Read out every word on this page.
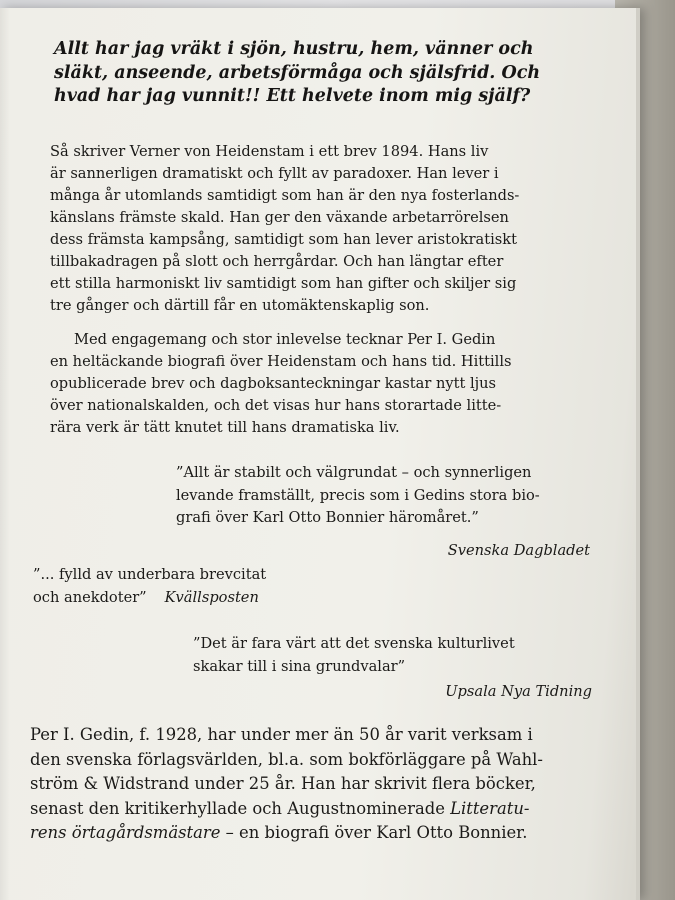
Allt har jag vräkt i sjön, hustru, hem, vänner och
släkt, anseende, arbetsförmåga och själsfrid. Och
hvad har jag vunnit!! Ett helvete inom mig själf?
Så skriver Verner von Heidenstam i ett brev 1894. Hans liv
är sannerligen dramatiskt och fyllt av paradoxer. Han lever i
många år utomlands samtidigt som han är den nya fosterlands-
känslans främste skald. Han ger den växande arbetarrörelsen
dess främsta kampsång, samtidigt som han lever aristokratiskt
tillbakadragen på slott och herrgårdar. Och han längtar efter
ett stilla harmoniskt liv samtidigt som han gifter och skiljer sig
tre gånger och därtill får en utomäktenskaplig son.
Med engagemang och stor inlevelse tecknar Per I. Gedin
en heltäckande biografi över Heidenstam och hans tid. Hittills
opublicerade brev och dagboksanteckningar kastar nytt ljus
över nationalskalden, och det visas hur hans storartade litte-
rära verk är tätt knutet till hans dramatiska liv.
”Allt är stabilt och välgrundat – och synnerligen
levande framställt, precis som i Gedins stora bio-
grafi över Karl Otto Bonnier häromåret.”
Svenska Dagbladet
”... fylld av underbara brevcitat
och anekdoter” Kvällsposten
”Det är fara värt att det svenska kulturlivet
skakar till i sina grundvalar”
Upsala Nya Tidning
Per I. Gedin, f. 1928, har under mer än 50 år varit verksam i
den svenska förlagsvärlden, bl.a. som bokförläggare på Wahl-
ström & Widstrand under 25 år. Han har skrivit flera böcker,
senast den kritikerhyllade och Augustnominerade Litteratu-
rens örtagårdsmästare – en biografi över Karl Otto Bonnier.
